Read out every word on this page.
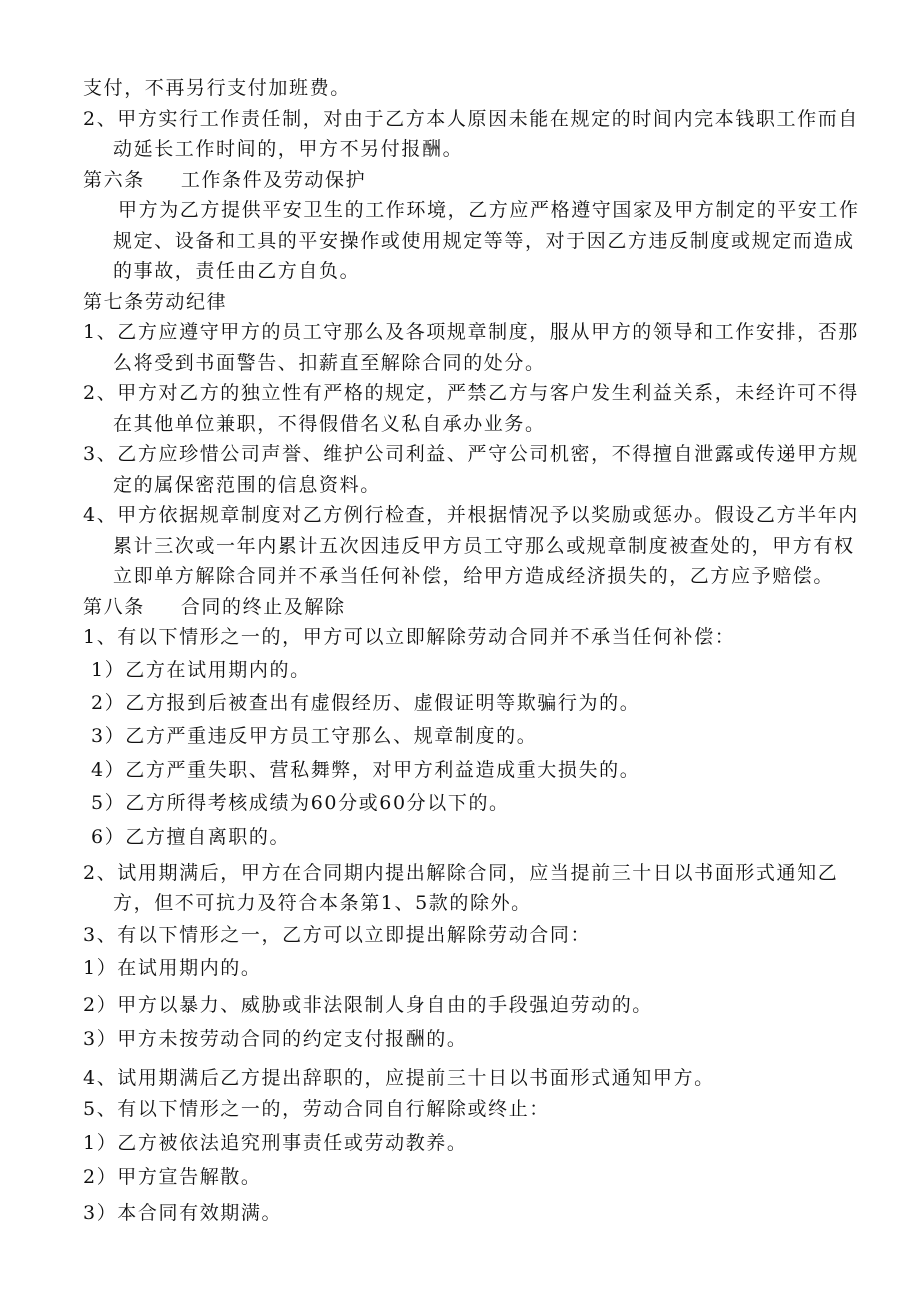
支付，不再另行支付加班费。
2、甲方实行工作责任制，对由于乙方本人原因未能在规定的时间内完本钱职工作而自
动延长工作时间的，甲方不另付报酬。
第六条 工作条件及劳动保护
甲方为乙方提供平安卫生的工作环境，乙方应严格遵守国家及甲方制定的平安工作
规定、设备和工具的平安操作或使用规定等等，对于因乙方违反制度或规定而造成
的事故，责任由乙方自负。
第七条劳动纪律
1、乙方应遵守甲方的员工守那么及各项规章制度，服从甲方的领导和工作安排，否那
么将受到书面警告、扣薪直至解除合同的处分。
2、甲方对乙方的独立性有严格的规定，严禁乙方与客户发生利益关系，未经许可不得
在其他单位兼职，不得假借名义私自承办业务。
3、乙方应珍惜公司声誉、维护公司利益、严守公司机密，不得擅自泄露或传递甲方规
定的属保密范围的信息资料。
4、甲方依据规章制度对乙方例行检查，并根据情况予以奖励或惩办。假设乙方半年内
累计三次或一年内累计五次因违反甲方员工守那么或规章制度被查处的，甲方有权
立即单方解除合同并不承当任何补偿，给甲方造成经济损失的，乙方应予赔偿。
第八条 合同的终止及解除
1、有以下情形之一的，甲方可以立即解除劳动合同并不承当任何补偿：
1）乙方在试用期内的。
2）乙方报到后被查出有虚假经历、虚假证明等欺骗行为的。
3）乙方严重违反甲方员工守那么、规章制度的。
4）乙方严重失职、营私舞弊，对甲方利益造成重大损失的。
5）乙方所得考核成绩为60分或60分以下的。
6）乙方擅自离职的。
2、试用期满后，甲方在合同期内提出解除合同，应当提前三十日以书面形式通知乙
方，但不可抗力及符合本条第1、5款的除外。
3、有以下情形之一，乙方可以立即提出解除劳动合同：
1）在试用期内的。
2）甲方以暴力、威胁或非法限制人身自由的手段强迫劳动的。
3）甲方未按劳动合同的约定支付报酬的。
4、试用期满后乙方提出辞职的，应提前三十日以书面形式通知甲方。
5、有以下情形之一的，劳动合同自行解除或终止：
1）乙方被依法追究刑事责任或劳动教养。
2）甲方宣告解散。
3）本合同有效期满。
